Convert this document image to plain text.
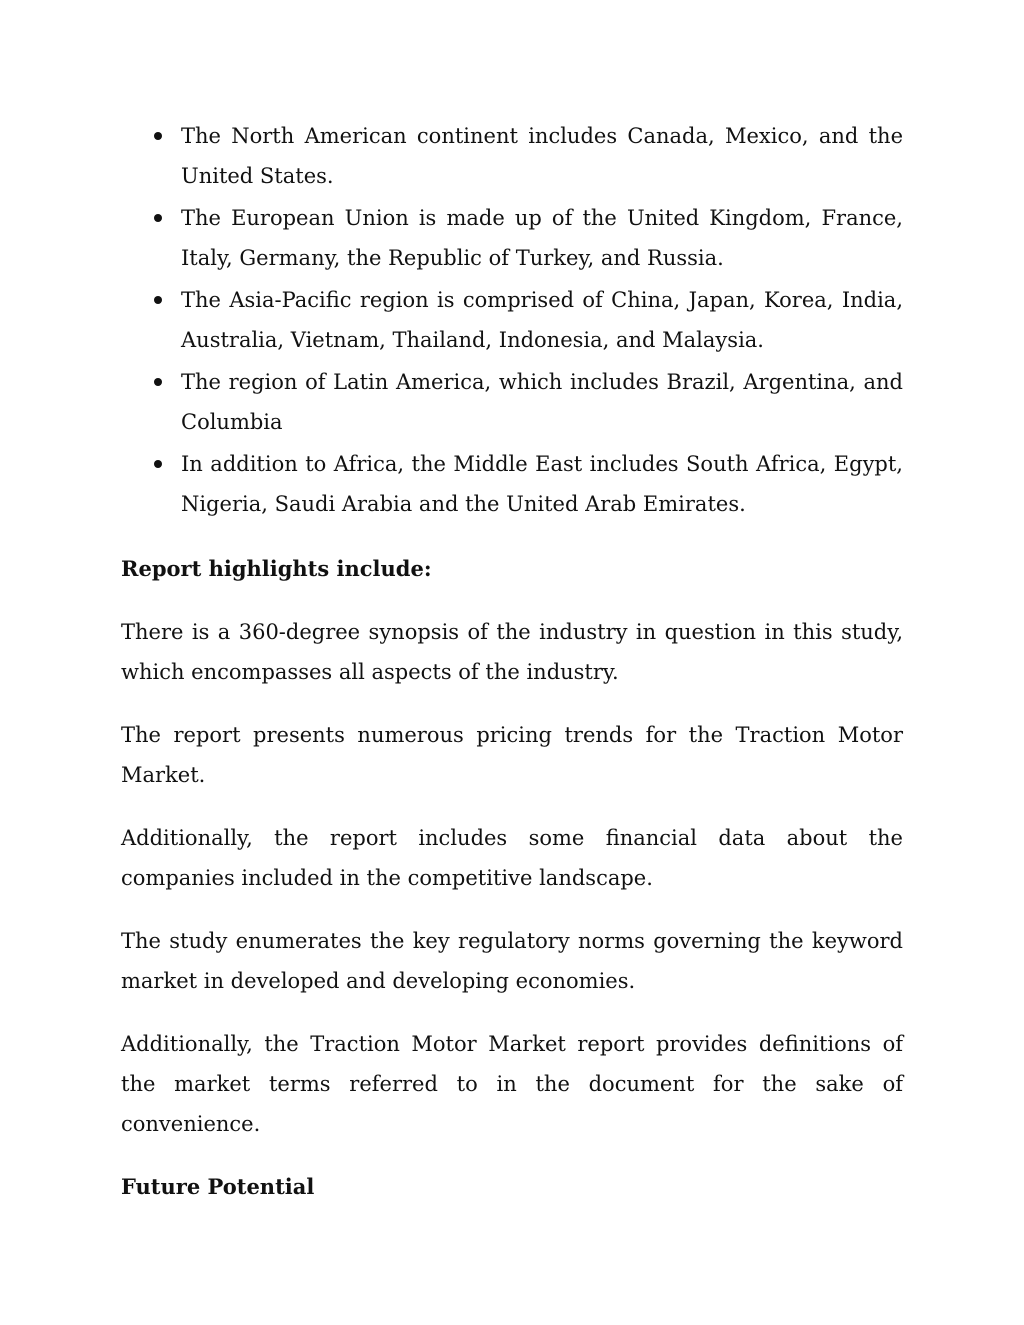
The North American continent includes Canada, Mexico, and the United States.
The European Union is made up of the United Kingdom, France, Italy, Germany, the Republic of Turkey, and Russia.
The Asia-Pacific region is comprised of China, Japan, Korea, India, Australia, Vietnam, Thailand, Indonesia, and Malaysia.
The region of Latin America, which includes Brazil, Argentina, and Columbia
In addition to Africa, the Middle East includes South Africa, Egypt, Nigeria, Saudi Arabia and the United Arab Emirates.
Report highlights include:

There is a 360-degree synopsis of the industry in question in this study, which encompasses all aspects of the industry.

The report presents numerous pricing trends for the Traction Motor Market.

Additionally, the report includes some financial data about the companies included in the competitive landscape.

The study enumerates the key regulatory norms governing the keyword market in developed and developing economies.

Additionally, the Traction Motor Market report provides definitions of the market terms referred to in the document for the sake of convenience.

Future Potential
